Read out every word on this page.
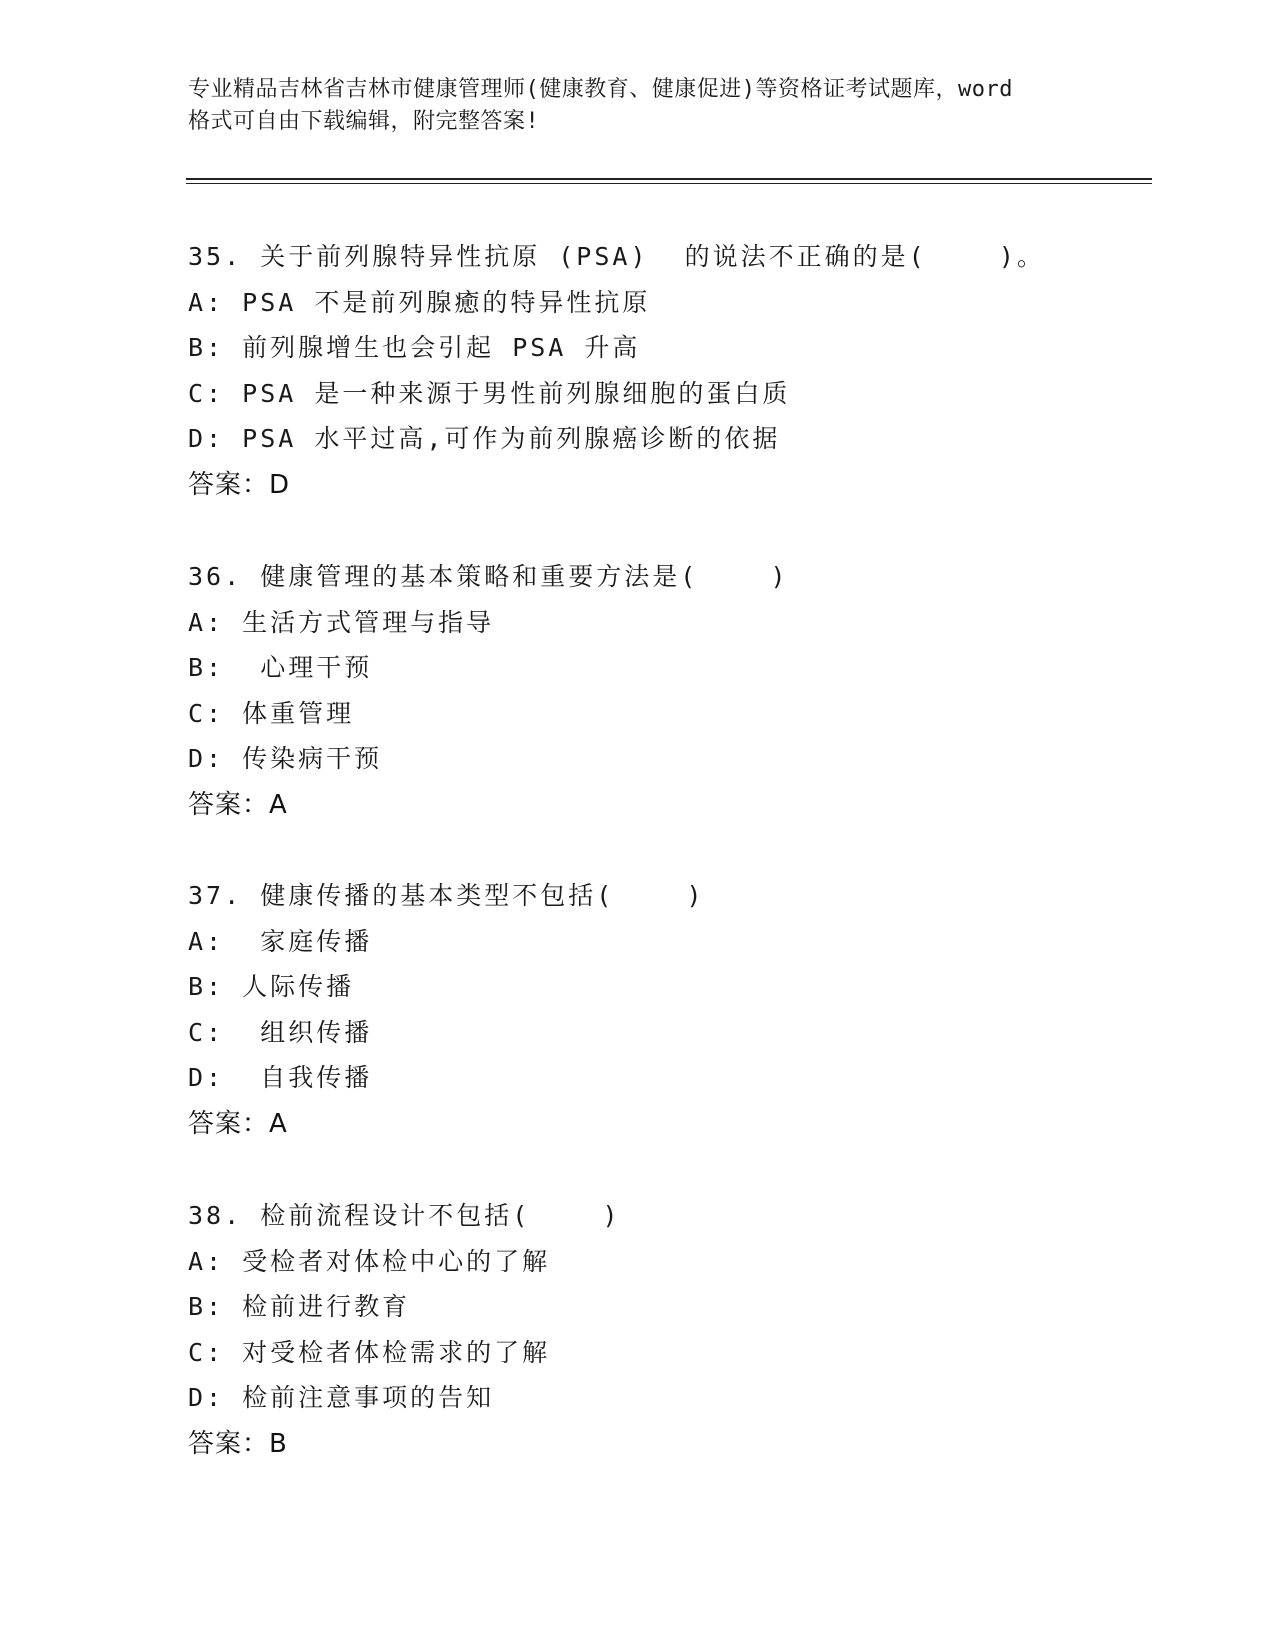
专业精品吉林省吉林市健康管理师(健康教育、健康促进)等资格证考试题库，word
格式可自由下载编辑，附完整答案!
35. 关于前列腺特异性抗原 (PSA)  的说法不正确的是(    )。
A: PSA 不是前列腺癒的特异性抗原
B: 前列腺增生也会引起 PSA 升高
C: PSA 是一种来源于男性前列腺细胞的蛋白质
D: PSA 水平过高,可作为前列腺癌诊断的依据
答案：D
36. 健康管理的基本策略和重要方法是(    )
A: 生活方式管理与指导
B:  心理干预
C: 体重管理
D: 传染病干预
答案：A
37. 健康传播的基本类型不包括(    )
A:  家庭传播
B: 人际传播
C:  组织传播
D:  自我传播
答案：A
38. 检前流程设计不包括(    )
A: 受检者对体检中心的了解
B: 检前进行教育
C: 对受检者体检需求的了解
D: 检前注意事项的告知
答案：B
